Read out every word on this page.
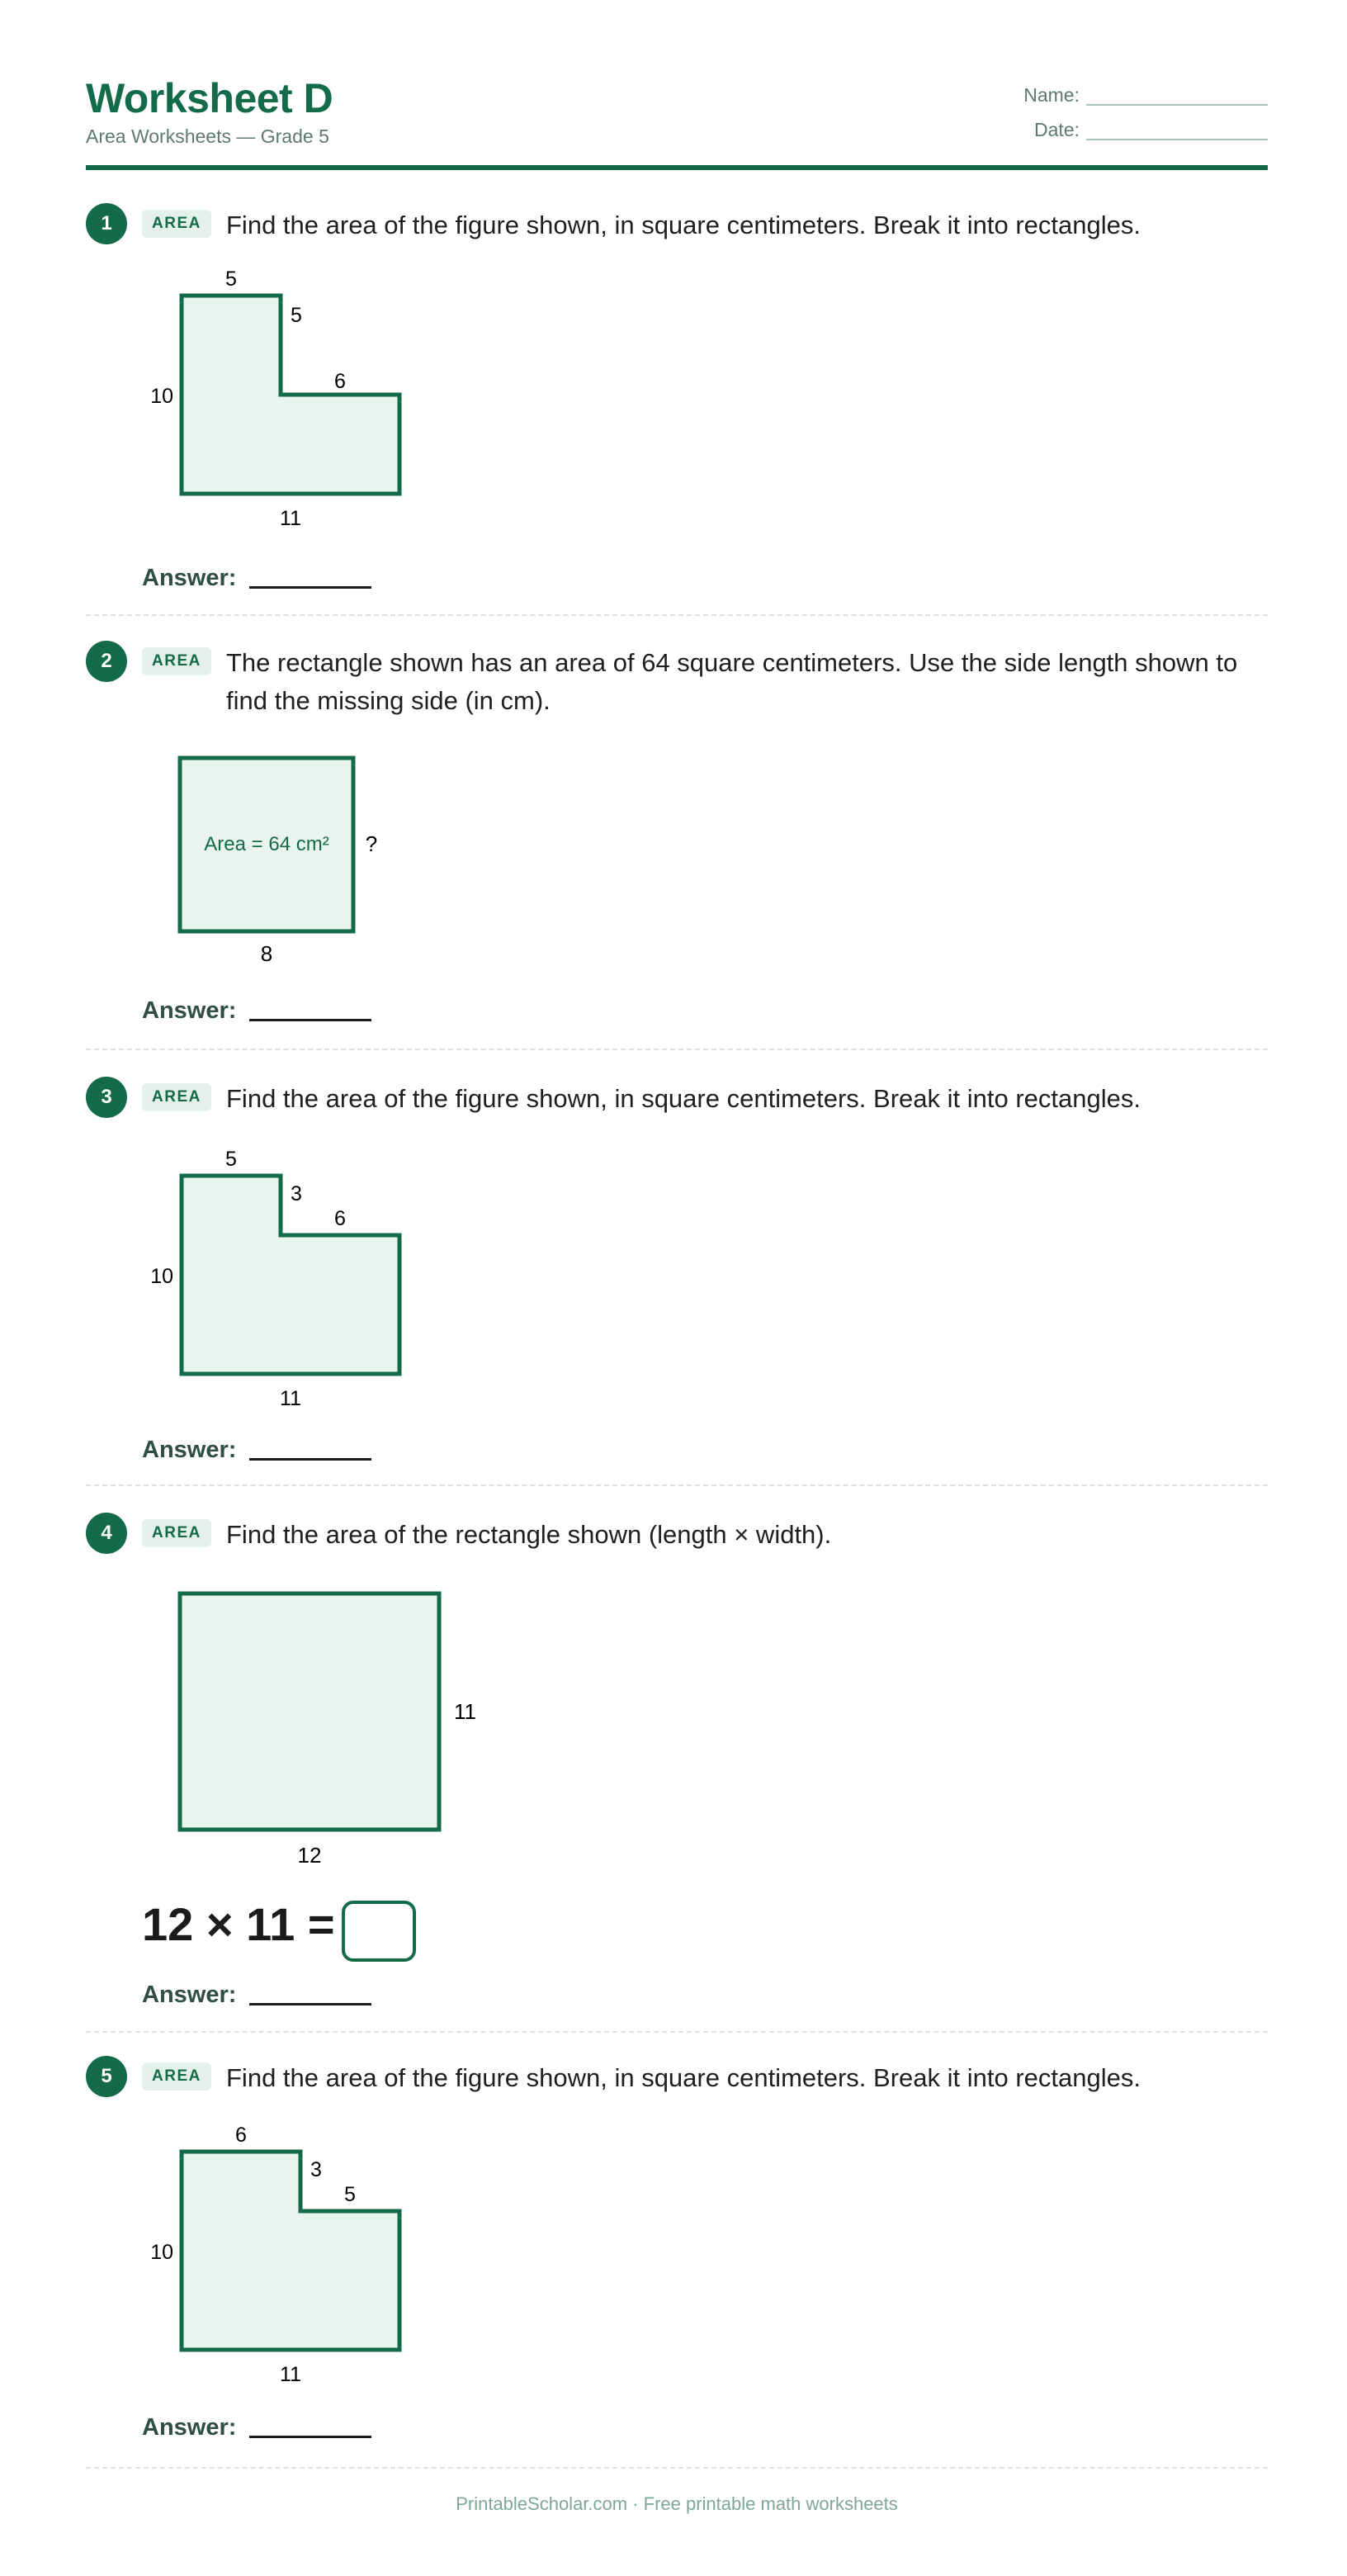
Worksheet D
Area Worksheets — Grade 5
Name:
Date:
1	AREA Find the area of the figure shown, in square centimeters. Break it into rectangles.
5
5
6
10
11
Answer:
2	AREA The rectangle shown has an area of 64 square centimeters. Use the side length shown to find the missing side (in cm).
Area = 64 cm² ?
8
Answer:
3	AREA Find the area of the figure shown, in square centimeters. Break it into rectangles.
5
3
6
10
11
Answer:
4	AREA Find the area of the rectangle shown (length × width).
11
12
12 × 11 =
Answer:
5	AREA Find the area of the figure shown, in square centimeters. Break it into rectangles.
6
3
5
10
11
Answer:
PrintableScholar.com · Free printable math worksheets
